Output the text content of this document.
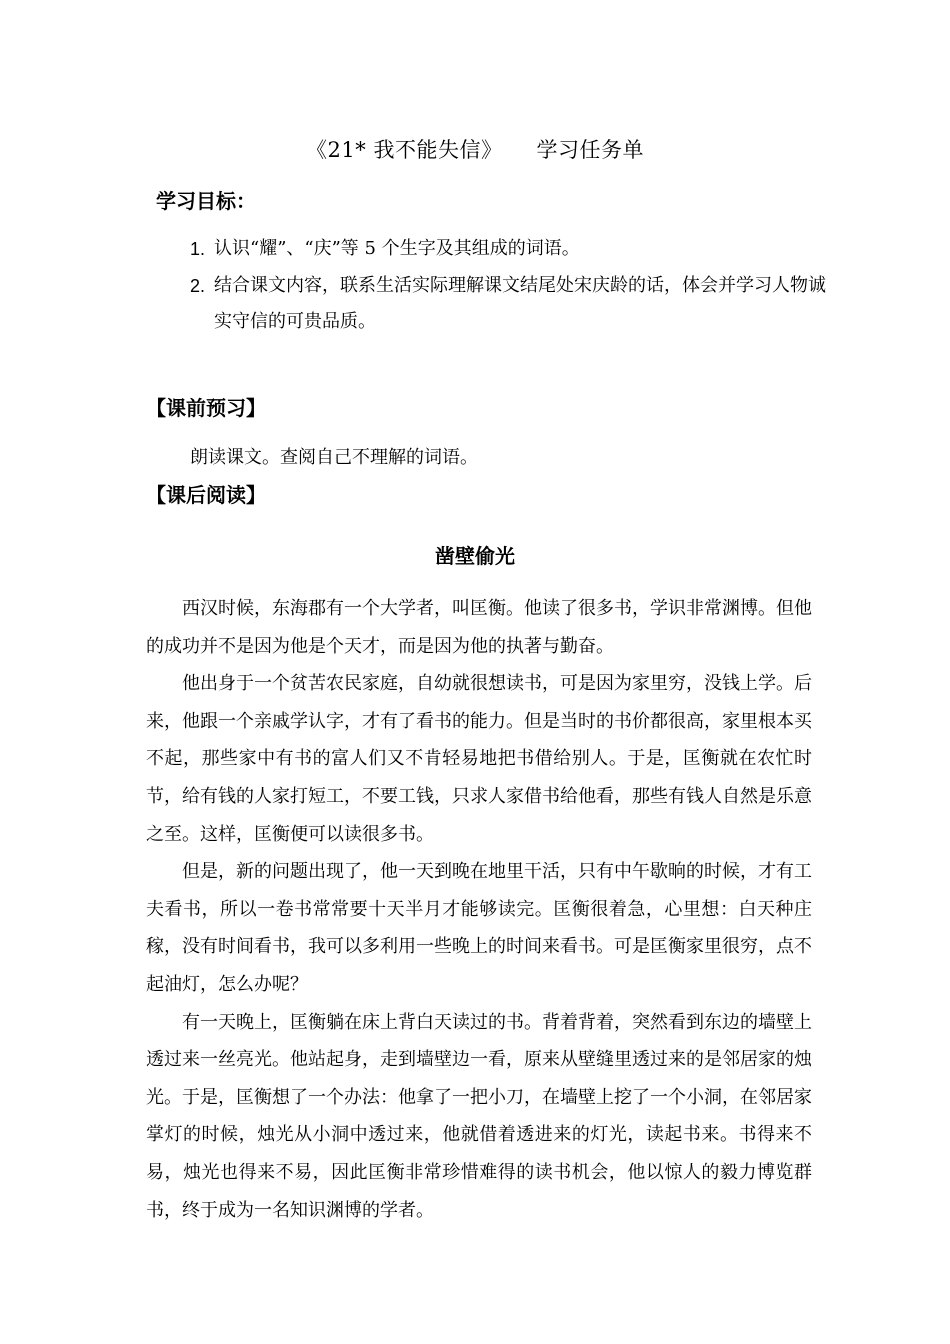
《21* 我不能失信》 学习任务单
学习目标：
1. 认识“耀”、“庆”等 5 个生字及其组成的词语。
2. 结合课文内容，联系生活实际理解课文结尾处宋庆龄的话，体会并学习人物诚实守信的可贵品质。
【课前预习】
朗读课文。查阅自己不理解的词语。
【课后阅读】
凿壁偷光

西汉时候，东海郡有一个大学者，叫匡衡。他读了很多书，学识非常渊博。但他的成功并不是因为他是个天才，而是因为他的执著与勤奋。

他出身于一个贫苦农民家庭，自幼就很想读书，可是因为家里穷，没钱上学。后来，他跟一个亲戚学认字，才有了看书的能力。但是当时的书价都很高，家里根本买不起，那些家中有书的富人们又不肯轻易地把书借给别人。于是，匡衡就在农忙时节，给有钱的人家打短工，不要工钱，只求人家借书给他看，那些有钱人自然是乐意之至。这样，匡衡便可以读很多书。

但是，新的问题出现了，他一天到晚在地里干活，只有中午歇晌的时候，才有工夫看书，所以一卷书常常要十天半月才能够读完。匡衡很着急，心里想：白天种庄稼，没有时间看书，我可以多利用一些晚上的时间来看书。可是匡衡家里很穷，点不起油灯，怎么办呢？

有一天晚上，匡衡躺在床上背白天读过的书。背着背着，突然看到东边的墙壁上透过来一丝亮光。他站起身，走到墙壁边一看，原来从壁缝里透过来的是邻居家的烛光。于是，匡衡想了一个办法：他拿了一把小刀，在墙壁上挖了一个小洞，在邻居家掌灯的时候，烛光从小洞中透过来，他就借着透进来的灯光，读起书来。书得来不易，烛光也得来不易，因此匡衡非常珍惜难得的读书机会，他以惊人的毅力博览群书，终于成为一名知识渊博的学者。
